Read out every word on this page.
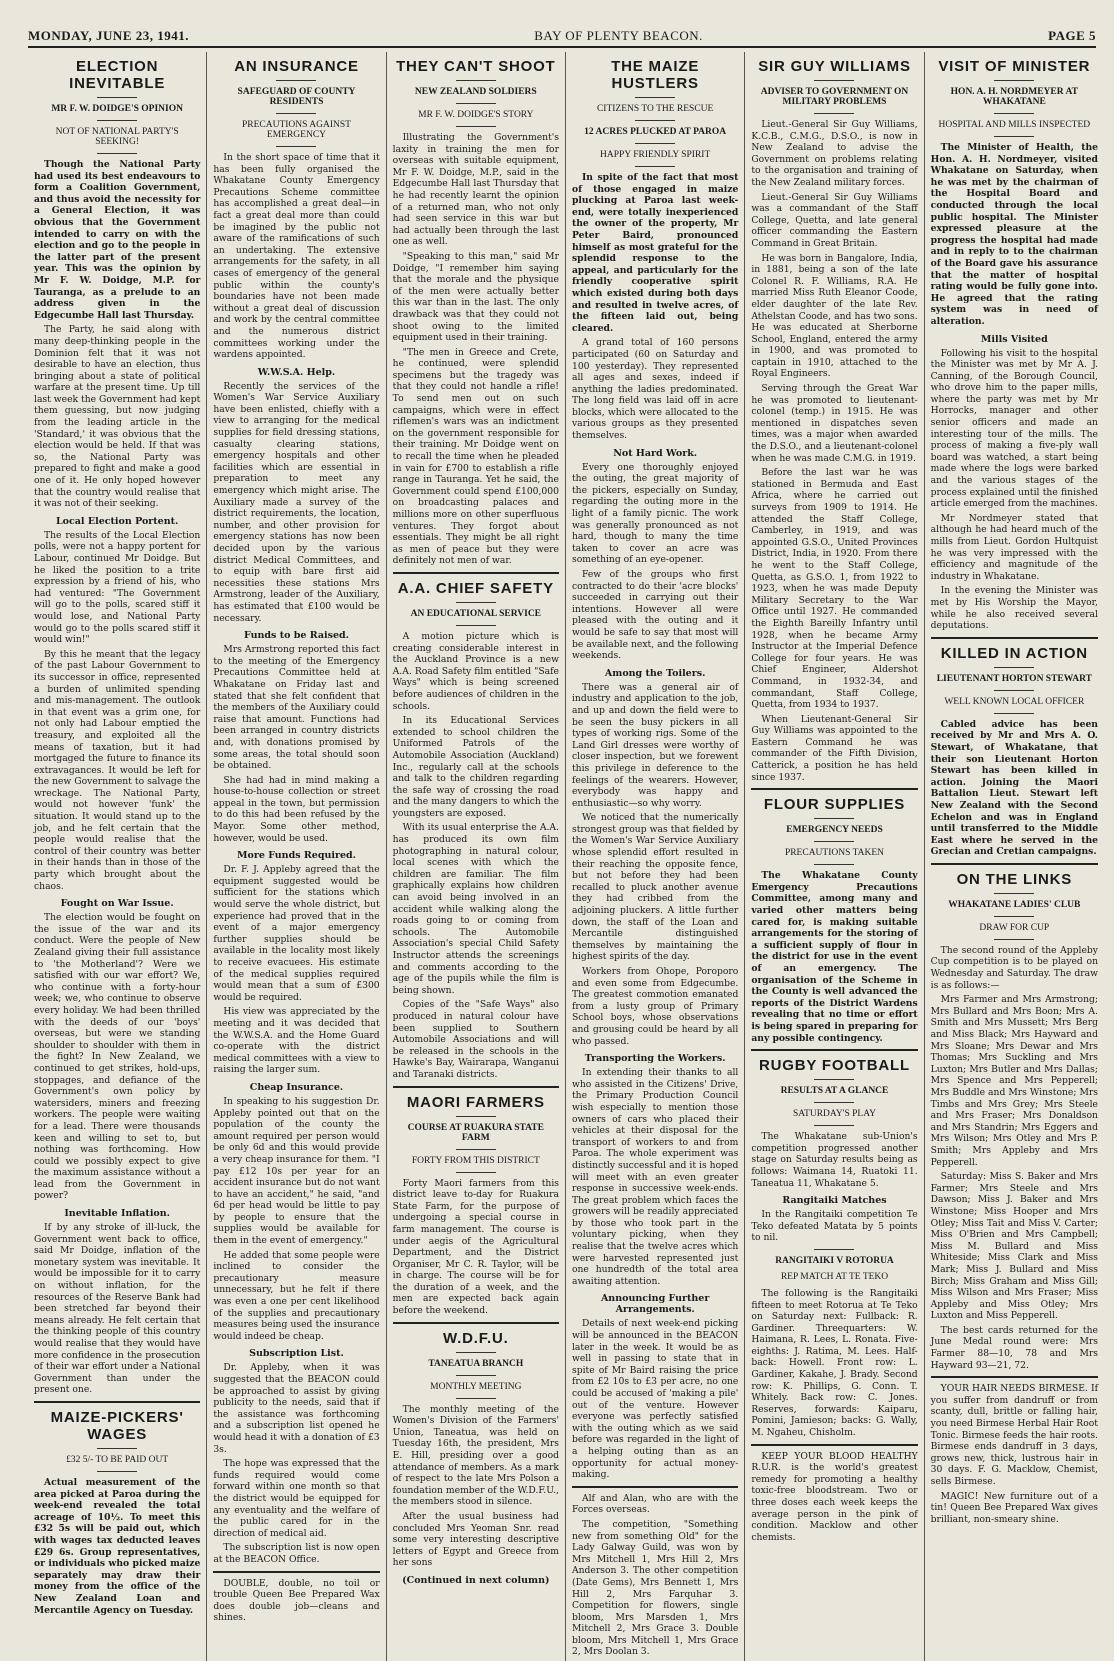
MONDAY, JUNE 23, 1941.	BAY OF PLENTY BEACON.	PAGE 5
ELECTION INEVITABLE
MR F. W. DOIDGE'S OPINION
NOT OF NATIONAL PARTY'S SEEKING!

Though the National Party had used its best endeavours to form a Coalition Government, and thus avoid the necessity for a General Election, it was obvious that the Government intended to carry on with the election and go to the people in the latter part of the present year. This was the opinion by Mr F. W. Doidge, M.P. for Tauranga, as a prelude to an address given in the Edgecumbe Hall last Thursday.

The Party, he said along with many deep-thinking people in the Dominion felt that it was not desirable to have an election, thus bringing about a state of political warfare at the present time. Up till last week the Government had kept them guessing, but now judging from the leading article in the 'Standard,' it was obvious that the election would be held. If that was so, the National Party was prepared to fight and make a good one of it. He only hoped however that the country would realise that it was not of their seeking.

Local Election Portent.

The results of the Local Election polls, were not a happy portent for Labour, continued Mr Doidge. But he liked the position to a trite expression by a friend of his, who had ventured: "The Government will go to the polls, scared stiff it would lose, and National Party would go to the polls scared stiff it would win!"

By this he meant that the legacy of the past Labour Government to its successor in office, represented a burden of unlimited spending and mis-management. The outlook in that event was a grim one, for not only had Labour emptied the treasury, and exploited all the means of taxation, but it had mortgaged the future to finance its extravagances. It would be left for the new Government to salvage the wreckage. The National Party, would not however 'funk' the situation. It would stand up to the job, and he felt certain that the people would realise that the control of their country was better in their hands than in those of the party which brought about the chaos.

Fought on War Issue.

The election would be fought on the issue of the war and its conduct. Were the people of New Zealand giving their full assistance to 'the Motherland'? Were we satisfied with our war effort? We, who continue with a forty-hour week; we, who continue to observe every holiday. We had been thrilled with the deeds of our 'boys' overseas, but were we standing shoulder to shoulder with them in the fight? In New Zealand, we continued to get strikes, hold-ups, stoppages, and defiance of the Government's own policy by watersiders, miners and freezing workers. The people were waiting for a lead. There were thousands keen and willing to set to, but nothing was forthcoming. How could we possibly expect to give the maximum assistance without a lead from the Government in power?

Inevitable Inflation.

If by any stroke of ill-luck, the Government went back to office, said Mr Doidge, inflation of the monetary system was inevitable. It would be impossible for it to carry on without inflation, for the resources of the Reserve Bank had been stretched far beyond their means already. He felt certain that the thinking people of this country would realise that they would have more confidence in the prosecution of their war effort under a National Government than under the present one.

MAIZE-PICKERS' WAGES
£32 5/- TO BE PAID OUT

Actual measurement of the area picked at Paroa during the week-end revealed the total acreage of 10½. To meet this £32 5s will be paid out, which with wages tax deducted leaves £29 6s. Group representatives, or individuals who picked maize separately may draw their money from the office of the New Zealand Loan and Mercantile Agency on Tuesday.

AN INSURANCE
SAFEGUARD OF COUNTY RESIDENTS
PRECAUTIONS AGAINST EMERGENCY

In the short space of time that it has been fully organised the Whakatane County Emergency Precautions Scheme committee has accomplished a great deal—in fact a great deal more than could be imagined by the public not aware of the ramifications of such an undertaking. The extensive arrangements for the safety, in all cases of emergency of the general public within the county's boundaries have not been made without a great deal of discussion and work by the central committee and the numerous district committees working under the wardens appointed.

W.W.S.A. Help.

Recently the services of the Women's War Service Auxiliary have been enlisted, chiefly with a view to arranging for the medical supplies for field dressing stations, casualty clearing stations, emergency hospitals and other facilities which are essential in preparation to meet any emergency which might arise. The Auxiliary made a survey of the district requirements, the location, number, and other provision for emergency stations has now been decided upon by the various district Medical Committees, and to equip with bare first aid necessities these stations Mrs Armstrong, leader of the Auxiliary, has estimated that £100 would be necessary.

Funds to be Raised.

Mrs Armstrong reported this fact to the meeting of the Emergency Precautions Committee held at Whakatane on Friday last and stated that she felt confident that the members of the Auxiliary could raise that amount. Functions had been arranged in country districts and, with donations promised by some areas, the total should soon be obtained.

She had had in mind making a house-to-house collection or street appeal in the town, but permission to do this had been refused by the Mayor. Some other method, however, would be used.

More Funds Required.

Dr. F. J. Appleby agreed that the equipment suggested would be sufficient for the stations which would serve the whole district, but experience had proved that in the event of a major emergency further supplies should be available in the locality most likely to receive evacuees. His estimate of the medical supplies required would mean that a sum of £300 would be required.

His view was appreciated by the meeting and it was decided that the W.W.S.A. and the Home Guard co-operate with the district medical committees with a view to raising the larger sum.

Cheap Insurance.

In speaking to his suggestion Dr. Appleby pointed out that on the population of the county the amount required per person would be only 6d and this would provide a very cheap insurance for them. "I pay £12 10s per year for an accident insurance but do not want to have an accident," he said, "and 6d per head would be little to pay by people to ensure that the supplies would be available for them in the event of emergency."

He added that some people were inclined to consider the precautionary measure unnecessary, but he felt if there was even a one per cent likelihood of the supplies and precautionary measures being used the insurance would indeed be cheap.

Subscription List.

Dr. Appleby, when it was suggested that the BEACON could be approached to assist by giving publicity to the needs, said that if the assistance was forthcoming and a subscription list opened he would head it with a donation of £3 3s.

The hope was expressed that the funds required would come forward within one month so that the district would be equipped for any eventuality and the welfare of the public cared for in the direction of medical aid.

The subscription list is now open at the BEACON Office.

DOUBLE, double, no toil or trouble Queen Bee Prepared Wax does double job—cleans and shines.

THEY CAN'T SHOOT
NEW ZEALAND SOLDIERS
MR F. W. DOIDGE'S STORY

Illustrating the Government's laxity in training the men for overseas with suitable equipment, Mr F. W. Doidge, M.P., said in the Edgecumbe Hall last Thursday that he had recently learnt the opinion of a returned man, who not only had seen service in this war but had actually been through the last one as well.

"Speaking to this man," said Mr Doidge, "I remember him saying that the morale and the physique of the men were actually better this war than in the last. The only drawback was that they could not shoot owing to the limited equipment used in their training.

"The men in Greece and Crete, he continued, were splendid specimens but the tragedy was that they could not handle a rifle! To send men out on such campaigns, which were in effect riflemen's wars was an indictment on the government responsible for their training. Mr Doidge went on to recall the time when he pleaded in vain for £700 to establish a rifle range in Tauranga. Yet he said, the Government could spend £100,000 on broadcasting palaces and millions more on other superfluous ventures. They forgot about essentials. They might be all right as men of peace but they were definitely not men of war.

A.A. CHIEF SAFETY
AN EDUCATIONAL SERVICE

A motion picture which is creating considerable interest in the Auckland Province is a new A.A. Road Safety film entitled "Safe Ways" which is being screened before audiences of children in the schools.

In its Educational Services extended to school children the Uniformed Patrols of the Automobile Association (Auckland) Inc., regularly call at the schools and talk to the children regarding the safe way of crossing the road and the many dangers to which the youngsters are exposed.

With its usual enterprise the A.A. has produced its own film photographing in natural colour, local scenes with which the children are familiar. The film graphically explains how children can avoid being involved in an accident while walking along the roads going to or coming from schools. The Automobile Association's special Child Safety Instructor attends the screenings and comments according to the age of the pupils while the film is being shown.

Copies of the "Safe Ways" also produced in natural colour have been supplied to Southern Automobile Associations and will be released in the schools in the Hawke's Bay, Wairarapa, Wanganui and Taranaki districts.

MAORI FARMERS
COURSE AT RUAKURA STATE FARM
FORTY FROM THIS DISTRICT

Forty Maori farmers from this district leave to-day for Ruakura State Farm, for the purpose of undergoing a special course in farm management. The course is under aegis of the Agricultural Department, and the District Organiser, Mr C. R. Taylor, will be in charge. The course will be for the duration of a week, and the men are expected back again before the weekend.

W.D.F.U.
TANEATUA BRANCH
MONTHLY MEETING

The monthly meeting of the Women's Division of the Farmers' Union, Taneatua, was held on Tuesday 16th, the president, Mrs E. Hill, presiding over a good attendance of members. As a mark of respect to the late Mrs Polson a foundation member of the W.D.F.U., the members stood in silence.

After the usual business had concluded Mrs Yeoman Snr. read some very interesting descriptive letters of Egypt and Greece from her sons

(Continued in next column)
THE MAIZE HUSTLERS
CITIZENS TO THE RESCUE
12 ACRES PLUCKED AT PAROA
HAPPY FRIENDLY SPIRIT

In spite of the fact that most of those engaged in maize plucking at Paroa last week-end, were totally inexperienced the owner of the property, Mr Peter Baird, pronounced himself as most grateful for the splendid response to the appeal, and particularly for the friendly cooperative spirit which existed during both days and resulted in twelve acres, of the fifteen laid out, being cleared.

A grand total of 160 persons participated (60 on Saturday and 100 yesterday). They represented all ages and sexes, indeed if anything the ladies predominated. The long field was laid off in acre blocks, which were allocated to the various groups as they presented themselves.

Not Hard Work.

Every one thoroughly enjoyed the outing, the great majority of the pickers, especially on Sunday, regarding the outing more in the light of a family picnic. The work was generally pronounced as not hard, though to many the time taken to cover an acre was something of an eye-opener.

Few of the groups who first contracted to do their 'acre blocks' succeeded in carrying out their intentions. However all were pleased with the outing and it would be safe to say that most will be available next, and the following weekends.

Among the Toilers.

There was a general air of industry and application to the job, and up and down the field were to be seen the busy pickers in all types of working rigs. Some of the Land Girl dresses were worthy of closer inspection, but we forewent this privilege in deference to the feelings of the wearers. However, everybody was happy and enthusiastic—so why worry.

We noticed that the numerically strongest group was that fielded by the Women's War Service Auxiliary whose splendid effort resulted in their reaching the opposite fence, but not before they had been recalled to pluck another avenue they had cribbed from the adjoining pluckers. A little further down, the staff of the Loan and Mercantile distinguished themselves by maintaining the highest spirits of the day.

Workers from Ohope, Poroporo and even some from Edgecumbe. The greatest commotion emanated from a lusty group of Primary School boys, whose observations and grousing could be heard by all who passed.

Transporting the Workers.

In extending their thanks to all who assisted in the Citizens' Drive, the Primary Production Council wish especially to mention those owners of cars who placed their vehicles at their disposal for the transport of workers to and from Paroa. The whole experiment was distinctly successful and it is hoped will meet with an even greater response in successive week-ends. The great problem which faces the growers will be readily appreciated by those who took part in the voluntary picking, when they realise that the twelve acres which were harvested represented just one hundredth of the total area awaiting attention.

Announcing Further Arrangements.

Details of next week-end picking will be announced in the BEACON later in the week. It would be as well in passing to state that in spite of Mr Baird raising the price from £2 10s to £3 per acre, no one could be accused of 'making a pile' out of the venture. However everyone was perfectly satisfied with the outing which as we said before was regarded in the light of a helping outing than as an opportunity for actual money-making.

Alf and Alan, who are with the Forces overseas.

The competition, "Something new from something Old" for the Lady Galway Guild, was won by Mrs Mitchell 1, Mrs Hill 2, Mrs Anderson 3. The other competition (Date Gems), Mrs Bennett 1, Mrs Hill 2, Mrs Farquhar 3. Competition for flowers, single bloom, Mrs Marsden 1, Mrs Mitchell 2, Mrs Grace 3. Double bloom, Mrs Mitchell 1, Mrs Grace 2, Mrs Doolan 3.

SIR GUY WILLIAMS
ADVISER TO GOVERNMENT ON MILITARY PROBLEMS

Lieut.-General Sir Guy Williams, K.C.B., C.M.G., D.S.O., is now in New Zealand to advise the Government on problems relating to the organisation and training of the New Zealand military forces.

Lieut.-General Sir Guy Williams was a commandant of the Staff College, Quetta, and late general officer commanding the Eastern Command in Great Britain.

He was born in Bangalore, India, in 1881, being a son of the late Colonel R. F. Williams, R.A. He married Miss Ruth Eleanor Coode, elder daughter of the late Rev. Athelstan Coode, and has two sons. He was educated at Sherborne School, England, entered the army in 1900, and was promoted to captain in 1910, attached to the Royal Engineers.

Serving through the Great War he was promoted to lieutenant-colonel (temp.) in 1915. He was mentioned in dispatches seven times, was a major when awarded the D.S.O., and a lieutenant-colonel when he was made C.M.G. in 1919.

Before the last war he was stationed in Bermuda and East Africa, where he carried out surveys from 1909 to 1914. He attended the Staff College, Camberley, in 1919, and was appointed G.S.O., United Provinces District, India, in 1920. From there he went to the Staff College, Quetta, as G.S.O. 1, from 1922 to 1923, when he was made Deputy Military Secretary to the War Office until 1927. He commanded the Eighth Bareilly Infantry until 1928, when he became Army Instructor at the Imperial Defence College for four years. He was Chief Engineer, Aldershot Command, in 1932-34, and commandant, Staff College, Quetta, from 1934 to 1937.

When Lieutenant-General Sir Guy Williams was appointed to the Eastern Command he was commander of the Fifth Division, Catterick, a position he has held since 1937.

FLOUR SUPPLIES
EMERGENCY NEEDS
PRECAUTIONS TAKEN

The Whakatane County Emergency Precautions Committee, among many and varied other matters being cared for, is making suitable arrangements for the storing of a sufficient supply of flour in the district for use in the event of an emergency. The organisation of the Scheme in the County is well advanced the reports of the District Wardens revealing that no time or effort is being spared in preparing for any possible contingency.

RUGBY FOOTBALL
RESULTS AT A GLANCE
SATURDAY'S PLAY

The Whakatane sub-Union's competition progressed another stage on Saturday results being as follows: Waimana 14, Ruatoki 11. Taneatua 11, Whakatane 5.

Rangitaiki Matches

In the Rangitaiki competition Te Teko defeated Matata by 5 points to nil.

RANGITAIKI V ROTORUA
REP MATCH AT TE TEKO

The following is the Rangitaiki fifteen to meet Rotorua at Te Teko on Saturday next: Fullback: R. Gardiner. Threequarters: W. Haimana, R. Lees, L. Ronata. Five-eighths: J. Ratima, M. Lees. Half-back: Howell. Front row: L. Gardiner, Kakahe, J. Brady. Second row: K. Phillips, G. Conn. T. Whitely. Back row: C. Jones. Reserves, forwards: Kaiparu, Pomini, Jamieson; backs: G. Wally, M. Ngaheu, Chisholm.

KEEP YOUR BLOOD HEALTHY R.U.R. is the world's greatest remedy for promoting a healthy toxic-free bloodstream. Two or three doses each week keeps the average person in the pink of condition. Macklow and other chemists.

VISIT OF MINISTER
HON. A. H. NORDMEYER AT WHAKATANE
HOSPITAL AND MILLS INSPECTED

The Minister of Health, the Hon. A. H. Nordmeyer, visited Whakatane on Saturday, when he was met by the chairman of the Hospital Board and conducted through the local public hospital. The Minister expressed pleasure at the progress the hospital had made and in reply to to the chairman of the Board gave his assurance that the matter of hospital rating would be fully gone into. He agreed that the rating system was in need of alteration.

Mills Visited

Following his visit to the hospital the Minister was met by Mr A. J. Canning, of the Borough Council, who drove him to the paper mills, where the party was met by Mr Horrocks, manager and other senior officers and made an interesting tour of the mills. The process of making a five-ply wall board was watched, a start being made where the logs were barked and the various stages of the process explained until the finished article emerged from the machines.

Mr Nordmeyer stated that although he had heard much of the mills from Lieut. Gordon Hultquist he was very impressed with the efficiency and magnitude of the industry in Whakatane.

In the evening the Minister was met by His Worship the Mayor, while he also received several deputations.

KILLED IN ACTION
LIEUTENANT HORTON STEWART
WELL KNOWN LOCAL OFFICER

Cabled advice has been received by Mr and Mrs A. O. Stewart, of Whakatane, that their son Lieutenant Horton Stewart has been killed in action. Joining the Maori Battalion Lieut. Stewart left New Zealand with the Second Echelon and was in England until transferred to the Middle East where he served in the Grecian and Cretian campaigns.

ON THE LINKS
WHAKATANE LADIES' CLUB
DRAW FOR CUP

The second round of the Appleby Cup competition is to be played on Wednesday and Saturday. The draw is as follows:—

Mrs Farmer and Mrs Armstrong; Mrs Bullard and Mrs Boon; Mrs A. Smith and Mrs Mussett; Mrs Berg and Miss Black; Mrs Hayward and Mrs Sloane; Mrs Dewar and Mrs Thomas; Mrs Suckling and Mrs Luxton; Mrs Butler and Mrs Dallas; Mrs Spence and Mrs Pepperell; Mrs Buddle and Mrs Winstone; Mrs Timbs and Mrs Grey; Mrs Steele and Mrs Fraser; Mrs Donaldson and Mrs Standrin; Mrs Eggers and Mrs Wilson; Mrs Otley and Mrs P. Smith; Mrs Appleby and Mrs Pepperell.

Saturday: Miss S. Baker and Mrs Farmer; Mrs Steele and Mrs Dawson; Miss J. Baker and Mrs Winstone; Miss Hooper and Mrs Otley; Miss Tait and Miss V. Carter; Miss O'Brien and Mrs Campbell; Miss M. Bullard and Miss Whiteside; Miss Clark and Miss Mark; Miss J. Bullard and Miss Birch; Miss Graham and Miss Gill; Miss Wilson and Mrs Fraser; Miss Appleby and Miss Otley; Mrs Luxton and Miss Pepperell.

The best cards returned for the June Medal round were: Mrs Farmer 88—10, 78 and Mrs Hayward 93—21, 72.

YOUR HAIR NEEDS BIRMESE. If you suffer from dandruff or from scanty, dull, brittle or falling hair, you need Birmese Herbal Hair Root Tonic. Birmese feeds the hair roots. Birmese ends dandruff in 3 days, grows new, thick, lustrous hair in 30 days. F. G. Macklow, Chemist, sells Birmese.

MAGIC! New furniture out of a tin! Queen Bee Prepared Wax gives brilliant, non-smeary shine.
